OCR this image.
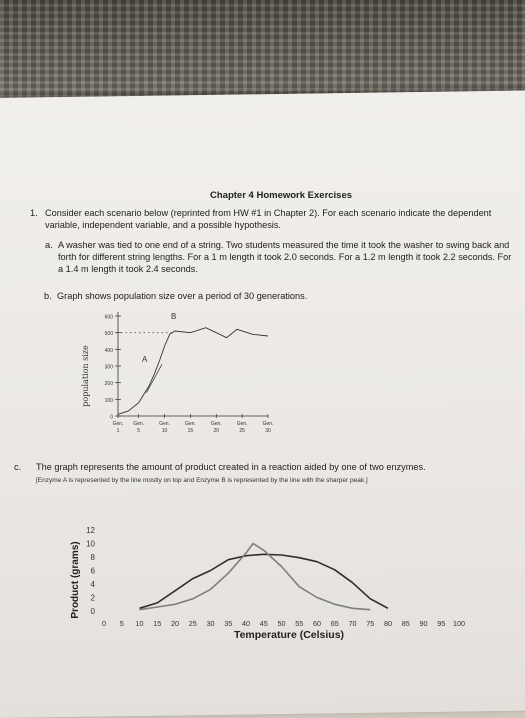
Chapter 4 Homework Exercises
1. Consider each scenario below (reprinted from HW #1 in Chapter 2). For each scenario indicate the dependent variable, independent variable, and a possible hypothesis.
a. A washer was tied to one end of a string. Two students measured the time it took the washer to swing back and forth for different string lengths. For a 1 m length it took 2.0 seconds. For a 1.2 m length it took 2.2 seconds. For a 1.4 m length it took 2.4 seconds.
b. Graph shows population size over a period of 30 generations.
0
100
200
300
400
500
600
Gen.
1
Gen.
5
Gen.
10
Gen.
15
Gen.
20
Gen.
25
Gen.
30
population size	A
B
c. The graph represents the amount of product created in a reaction aided by one of two enzymes.
[Enzyme A is represented by the line mostly on top and Enzyme B is represented by the line with the sharper peak.]
0
2
4
6
8
10
12
0 5 10 15 20 25 30 35 40 45 50 55 60 65 70 75 80 85 90 95 100
Product (grams)
Temperature (Celsius)
